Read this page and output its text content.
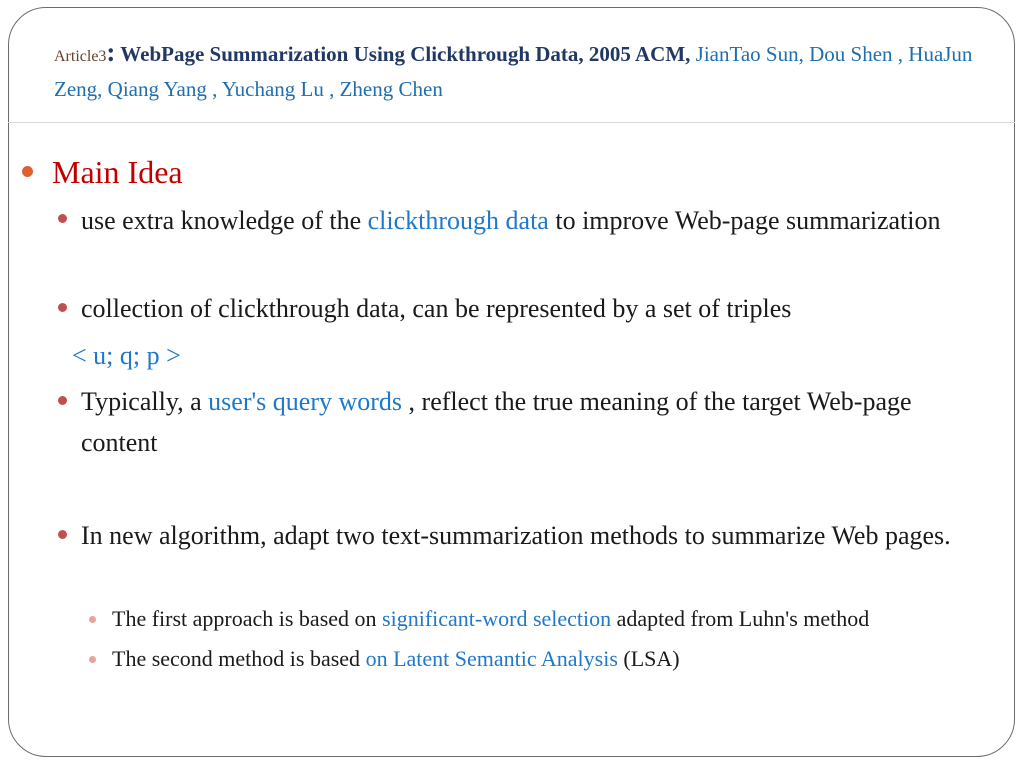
Article3: WebPage Summarization Using Clickthrough Data, 2005 ACM, JianTao Sun, Dou Shen , HuaJun Zeng, Qiang Yang , Yuchang Lu , Zheng Chen
Main Idea
use extra knowledge of the clickthrough data to improve Web-page summarization
collection of clickthrough data, can be represented by a set of triples
< u; q; p >
Typically, a user's query words , reflect the true meaning of the target Web-page content
In new algorithm, adapt two text-summarization methods to summarize Web pages.
The first approach is based on significant-word selection adapted from Luhn's method
The second method is based on Latent Semantic Analysis (LSA)
